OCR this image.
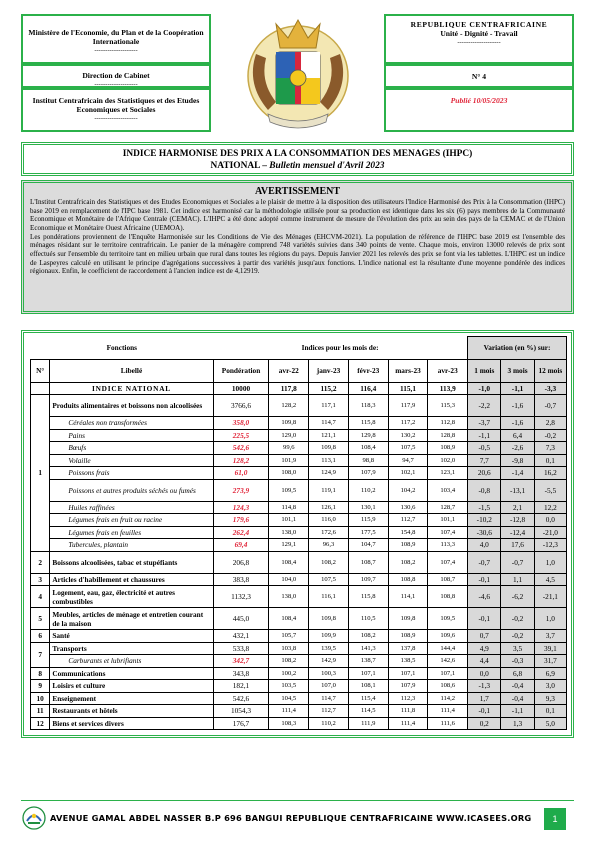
Ministère de l'Economie, du Plan et de la Coopération Internationale
--------------------
Direction de Cabinet
--------------------
Institut Centrafricain des Statistiques et des Etudes Economiques et Sociales
--------------------
REPUBLIQUE CENTRAFRICAINE
Unité - Dignité - Travail
--------------------
N° 4
Publié 10/05/2023
INDICE HARMONISE DES PRIX A LA CONSOMMATION DES MENAGES (IHPC)
NATIONAL – Bulletin mensuel d'Avril 2023
AVERTISSEMENT

L'Institut Centrafricain des Statistiques et des Etudes Economiques et Sociales a le plaisir de mettre à la disposition des utilisateurs l'Indice Harmonisé des Prix à la Consommation (IHPC) base 2019 en remplacement de l'IPC base 1981. Cet indice est harmonisé car la méthodologie utilisée pour sa production est identique dans les six (6) pays membres de la Communauté Economique et Monétaire de l'Afrique Centrale (CEMAC). L'IHPC a été donc adopté comme instrument de mesure de l'évolution des prix au sein des pays de la CEMAC et de l'Union Economique et Monétaire Ouest Africaine (UEMOA).

Les pondérations proviennent de l'Enquête Harmonisée sur les Conditions de Vie des Ménages (EHCVM-2021). La population de référence de l'IHPC base 2019 est l'ensemble des ménages résidant sur le territoire centrafricain. Le panier de la ménagère comprend 748 variétés suivies dans 340 points de vente. Chaque mois, environ 13000 relevés de prix sont effectués sur l'ensemble du territoire tant en milieu urbain que rural dans toutes les régions du pays. Depuis Janvier 2021 les relevés des prix se font via les tablettes. L'IHPC est un indice de Laspeyres calculé en utilisant le principe d'agrégations successives à partir des variétés jusqu'aux fonctions. L'indice national est la résultante d'une moyenne pondérée des indices régionaux. Enfin, le coefficient de raccordement à l'ancien indice est de 4,12919.

Fonctions		Indices pour les mois de:						Variation (en %) sur:		
N°	Libellé	Pondération	avr-22	janv-23	févr-23	mars-23	avr-23	1 mois	3 mois	12 mois
	INDICE NATIONAL	10000	117,8	115,2	116,4	115,1	113,9	-1,0	-1,1	-3,3
1	Produits alimentaires et boissons non alcoolisées	3766,6	128,2	117,1	118,3	117,9	115,3	-2,2	-1,6	-0,7
	Céréales non transformées	358,0	109,8	114,7	115,8	117,2	112,8	-3,7	-1,6	2,8
	Pains	225,5	129,0	121,1	129,8	130,2	128,8	-1,1	6,4	-0,2
	Bœufs	542,6	99,6	109,8	108,4	107,5	108,9	-0,5	-2,6	7,3
	Volaille	128,2	101,9	113,1	98,8	94,7	102,0	7,7	-9,8	0,1
	Poissons frais	61,0	108,0	124,9	107,9	102,1	123,1	20,6	-1,4	16,2
	Poissons et autres produits séchés ou fumés	273,9	109,5	119,1	110,2	104,2	103,4	-0,8	-13,1	-5,5
	Huiles raffinées	124,3	114,8	126,1	130,1	130,6	128,7	-1,5	2,1	12,2
	Légumes frais en fruit ou racine	179,6	101,1	116,0	115,9	112,7	101,1	-10,2	-12,8	0,0
	Légumes frais en feuilles	262,4	138,0	172,6	177,5	154,8	107,4	-30,6	-12,4	-21,0
	Tubercules, plantain	69,4	129,1	96,3	104,7	108,9	113,3	4,0	17,6	-12,3
2	Boissons alcoolisées, tabac et stupéfiants	206,8	108,4	108,2	108,7	108,2	107,4	-0,7	-0,7	1,0
3	Articles d'habillement et chaussures	383,8	104,0	107,5	109,7	108,8	108,7	-0,1	1,1	4,5
4	Logement, eau, gaz, électricité et autres combustibles	1132,3	138,0	116,1	115,8	114,1	108,8	-4,6	-6,2	-21,1
5	Meubles, articles de ménage et entretien courant de la maison	445,0	108,4	109,8	110,5	109,8	109,5	-0,1	-0,2	1,0
6	Santé	432,1	105,7	109,9	108,2	108,9	109,6	0,7	-0,2	3,7
7	Transports	533,8	103,8	139,5	141,3	137,8	144,4	4,9	3,5	39,1
	Carburants et lubrifiants	342,7	108,2	142,9	138,7	138,5	142,6	4,4	-0,3	31,7
8	Communications	343,8	100,2	100,3	107,1	107,1	107,1	0,0	6,8	6,9
9	Loisirs et culture	182,1	103,5	107,0	108,1	107,9	108,6	-1,3	-0,4	3,0
10	Enseignement	542,6	104,5	114,7	115,4	112,3	114,2	1,7	-0,4	9,3
11	Restaurants et hôtels	1054,3	111,4	112,7	114,5	111,8	111,4	-0,1	-1,1	0,1
12	Biens et services divers	176,7	108,3	110,2	111,9	111,4	111,6	0,2	1,3	5,0
AVENUE GAMAL ABDEL NASSER B.P 696 BANGUI REPUBLIQUE CENTRAFRICAINE WWW.ICASEES.ORG	1
